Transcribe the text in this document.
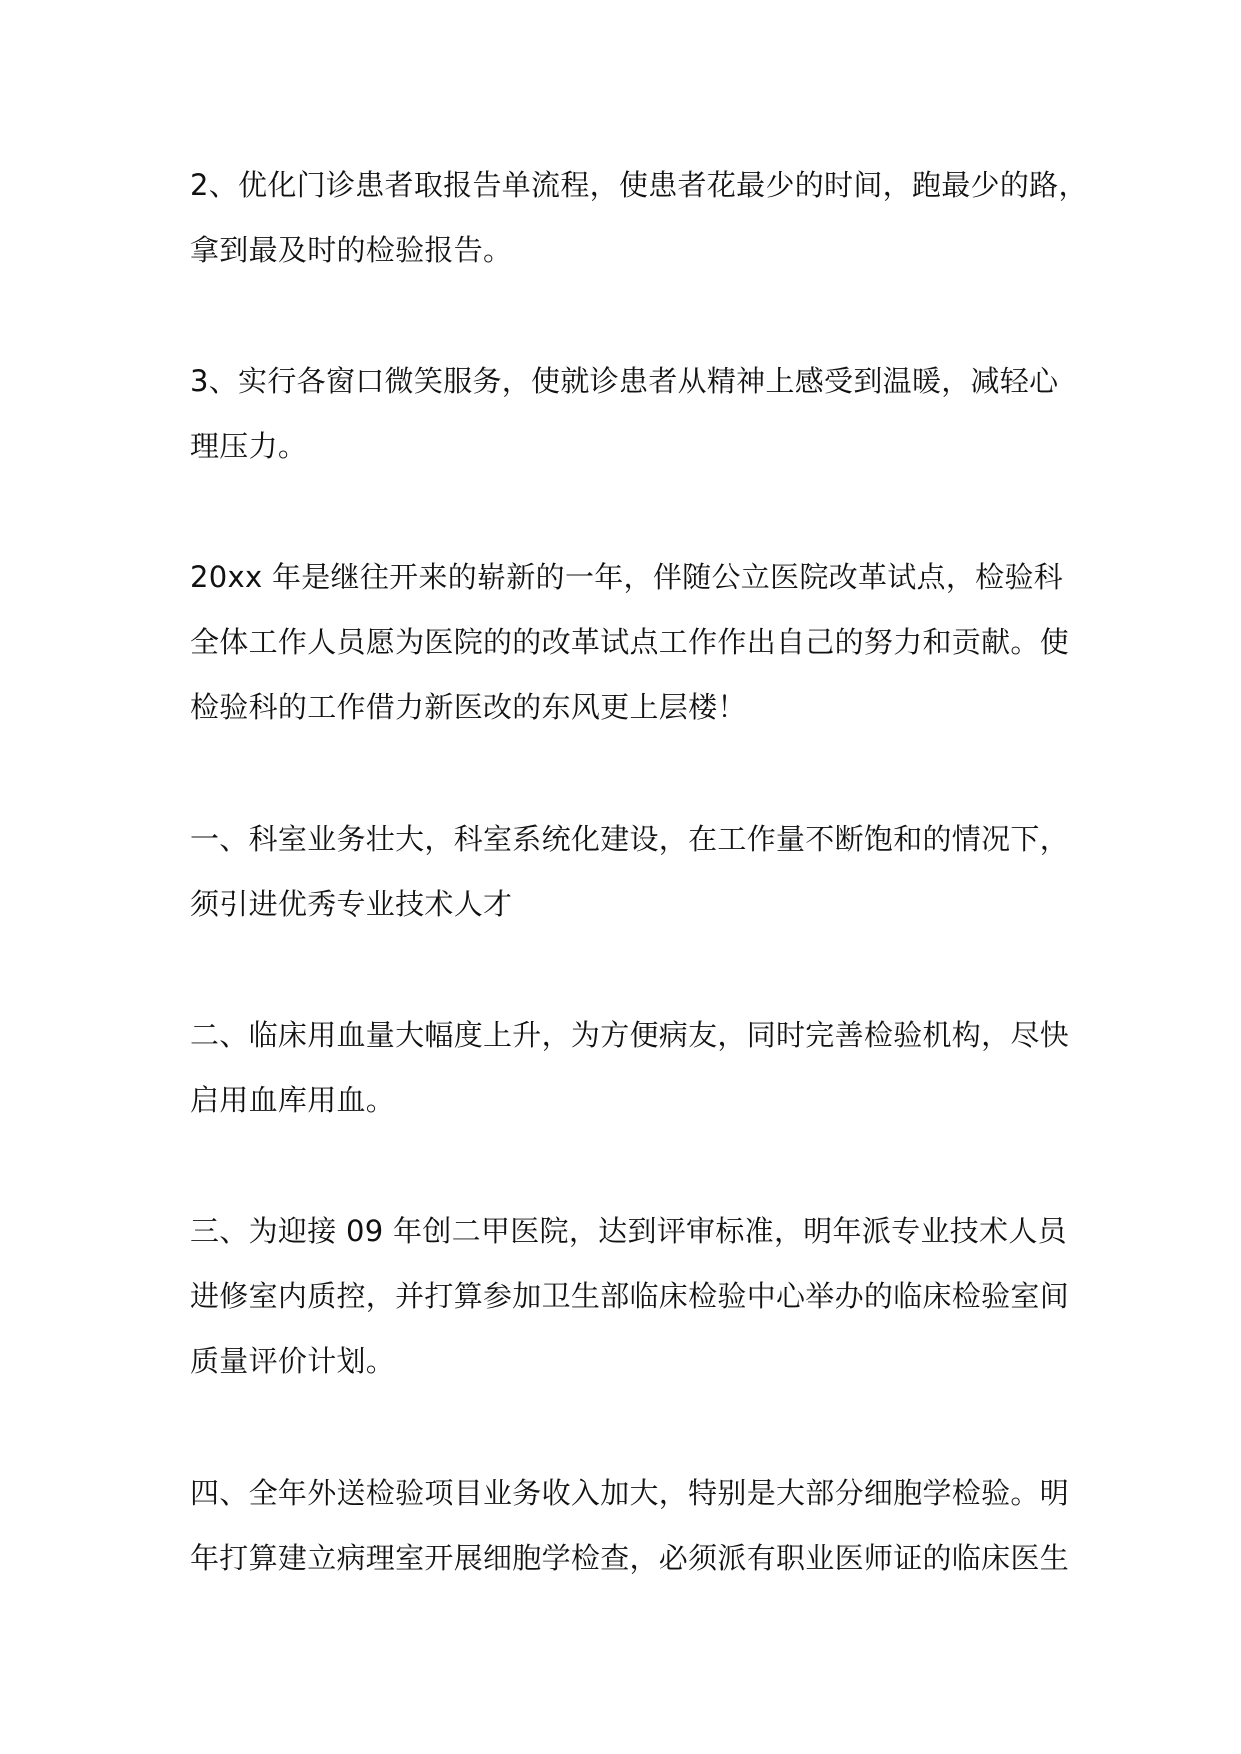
2、优化门诊患者取报告单流程，使患者花最少的时间，跑最少的路，
拿到最及时的检验报告。
3、实行各窗口微笑服务，使就诊患者从精神上感受到温暖，减轻心
理压力。
20xx 年是继往开来的崭新的一年，伴随公立医院改革试点，检验科
全体工作人员愿为医院的的改革试点工作作出自己的努力和贡献。使
检验科的工作借力新医改的东风更上层楼！
一、科室业务壮大，科室系统化建设，在工作量不断饱和的情况下，
须引进优秀专业技术人才
二、临床用血量大幅度上升，为方便病友，同时完善检验机构，尽快
启用血库用血。
三、为迎接 09 年创二甲医院，达到评审标准，明年派专业技术人员
进修室内质控，并打算参加卫生部临床检验中心举办的临床检验室间
质量评价计划。
四、全年外送检验项目业务收入加大，特别是大部分细胞学检验。明
年打算建立病理室开展细胞学检查，必须派有职业医师证的临床医生
